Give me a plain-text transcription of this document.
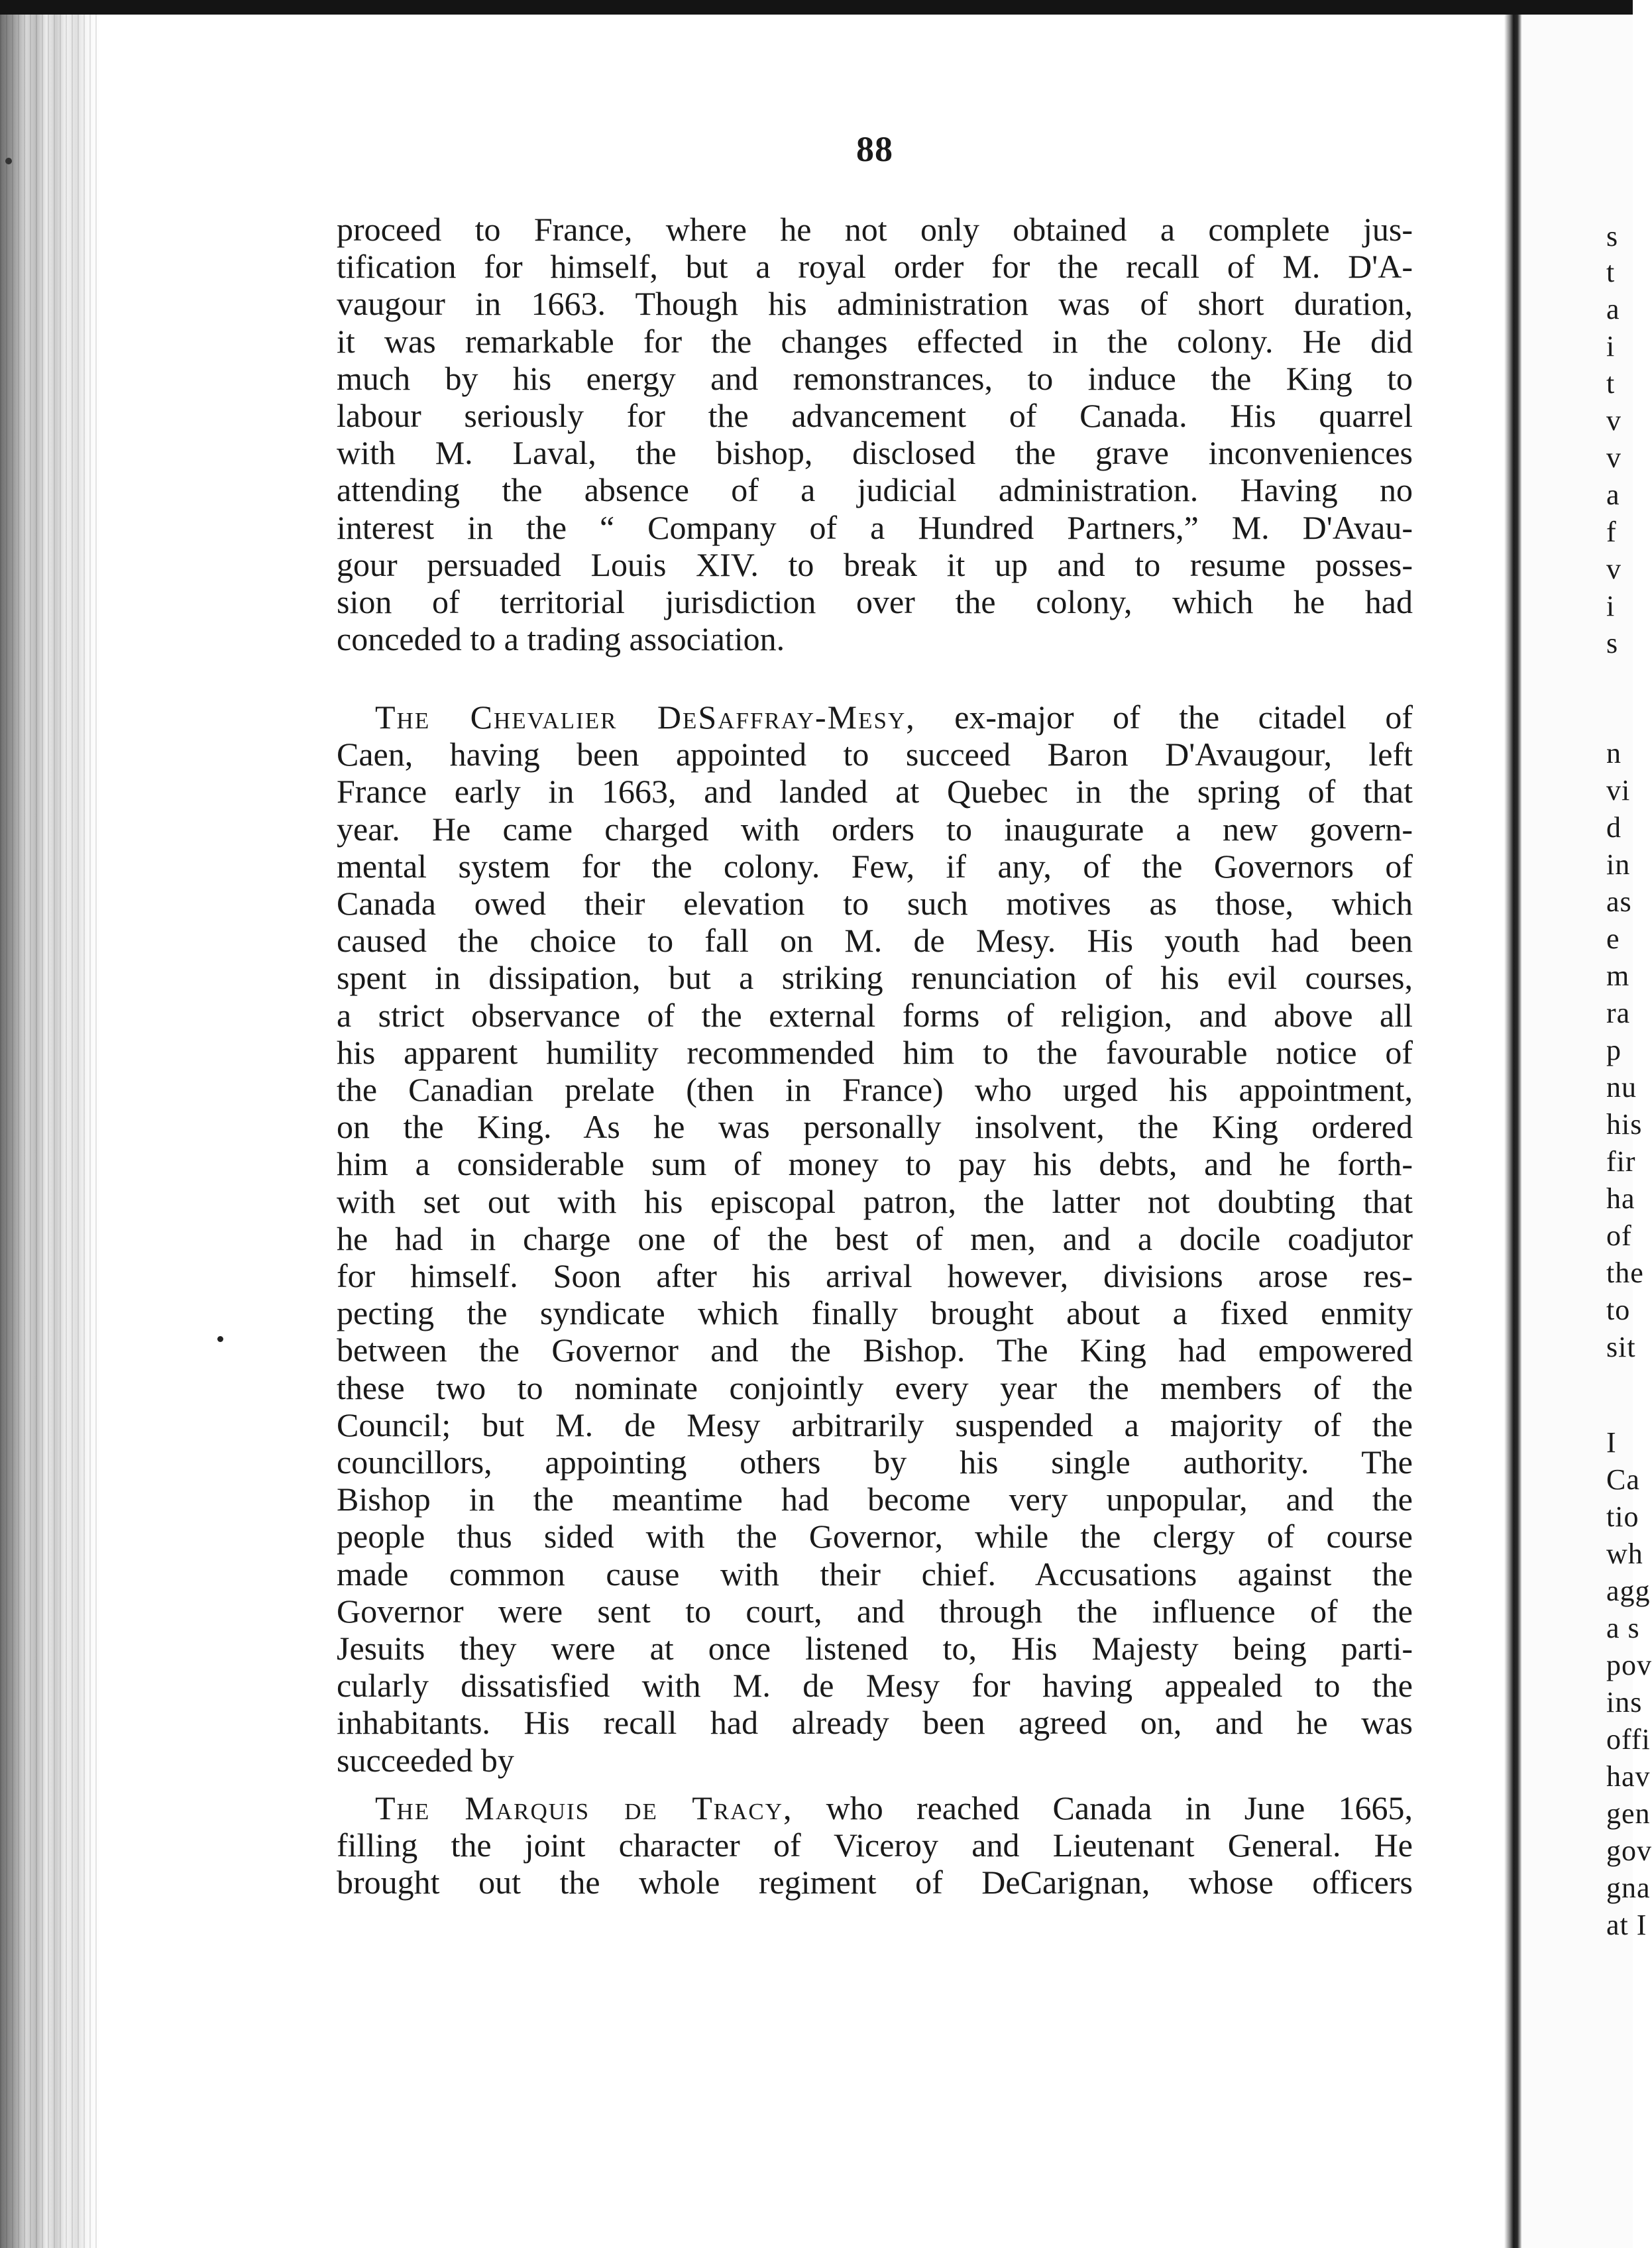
88
proceed to France, where he not only obtained a complete jus-
tification for himself, but a royal order for the recall of M. D'A-
vaugour in 1663. Though his administration was of short duration,
it was remarkable for the changes effected in the colony. He did
much by his energy and remonstrances, to induce the King to
labour seriously for the advancement of Canada. His quarrel
with M. Laval, the bishop, disclosed the grave inconveniences
attending the absence of a judicial administration. Having no
interest in the “ Company of a Hundred Partners,” M. D'Avau-
gour persuaded Louis XIV. to break it up and to resume posses-
sion of territorial jurisdiction over the colony, which he had
conceded to a trading association.
The Chevalier DeSaffray-Mesy, ex-major of the citadel of
Caen, having been appointed to succeed Baron D'Avaugour, left
France early in 1663, and landed at Quebec in the spring of that
year. He came charged with orders to inaugurate a new govern-
mental system for the colony. Few, if any, of the Governors of
Canada owed their elevation to such motives as those, which
caused the choice to fall on M. de Mesy. His youth had been
spent in dissipation, but a striking renunciation of his evil courses,
a strict observance of the external forms of religion, and above all
his apparent humility recommended him to the favourable notice of
the Canadian prelate (then in France) who urged his appointment,
on the King. As he was personally insolvent, the King ordered
him a considerable sum of money to pay his debts, and he forth-
with set out with his episcopal patron, the latter not doubting that
he had in charge one of the best of men, and a docile coadjutor
for himself. Soon after his arrival however, divisions arose res-
pecting the syndicate which finally brought about a fixed enmity
between the Governor and the Bishop. The King had empowered
these two to nominate conjointly every year the members of the
Council; but M. de Mesy arbitrarily suspended a majority of the
councillors, appointing others by his single authority. The
Bishop in the meantime had become very unpopular, and the
people thus sided with the Governor, while the clergy of course
made common cause with their chief. Accusations against the
Governor were sent to court, and through the influence of the
Jesuits they were at once listened to, His Majesty being parti-
cularly dissatisfied with M. de Mesy for having appealed to the
inhabitants. His recall had already been agreed on, and he was
succeeded by
The Marquis de Tracy, who reached Canada in June 1665,
filling the joint character of Viceroy and Lieutenant General. He
brought out the whole regiment of DeCarignan, whose officers
s
t
a
i
t
v
v
a
f
v
i
s
n
vi
d
in
as
e
m
ra
p
nu
his
fir
ha
of
the
to
sit
I
Ca
tio
wh
agg
a s
pov
ins
offi
hav
gen
gov
gna
at I
